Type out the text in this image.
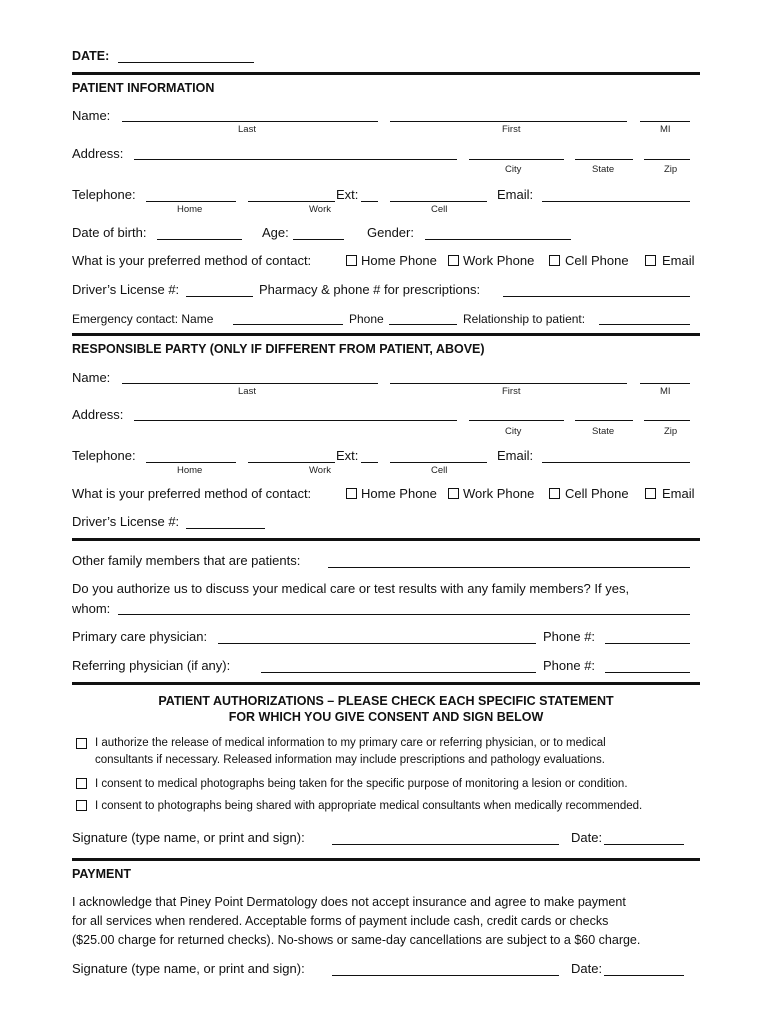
DATE:
PATIENT INFORMATION
Name:
Last	First	MI
Address:
City	State	Zip
Telephone:	Ext:	Email:
Home	Work	Cell
Date of birth:	Age:	Gender:
What is your preferred method of contact:	Home Phone Work Phone Cell Phone	Email
Driver’s License #:	Pharmacy & phone # for prescriptions:
Emergency contact: Name	Phone	Relationship to patient:
RESPONSIBLE PARTY (ONLY IF DIFFERENT FROM PATIENT, ABOVE)
Name:
Last	First	MI
Address:
City	State	Zip
Telephone:	Ext:	Email:
Home	Work	Cell
What is your preferred method of contact:	Home Phone Work Phone Cell Phone	Email
Driver’s License #:
Other family members that are patients:
Do you authorize us to discuss your medical care or test results with any family members? If yes,
whom:
Primary care physician:	Phone #:
Referring physician (if any):	Phone #:
PATIENT AUTHORIZATIONS – PLEASE CHECK EACH SPECIFIC STATEMENT
FOR WHICH YOU GIVE CONSENT AND SIGN BELOW
I authorize the release of medical information to my primary care or referring physician, or to medical
consultants if necessary. Released information may include prescriptions and pathology evaluations.
I consent to medical photographs being taken for the specific purpose of monitoring a lesion or condition.
I consent to photographs being shared with appropriate medical consultants when medically recommended.
Signature (type name, or print and sign):	Date:
PAYMENT
I acknowledge that Piney Point Dermatology does not accept insurance and agree to make payment
for all services when rendered. Acceptable forms of payment include cash, credit cards or checks
($25.00 charge for returned checks). No-shows or same-day cancellations are subject to a $60 charge.
Signature (type name, or print and sign):	Date:
